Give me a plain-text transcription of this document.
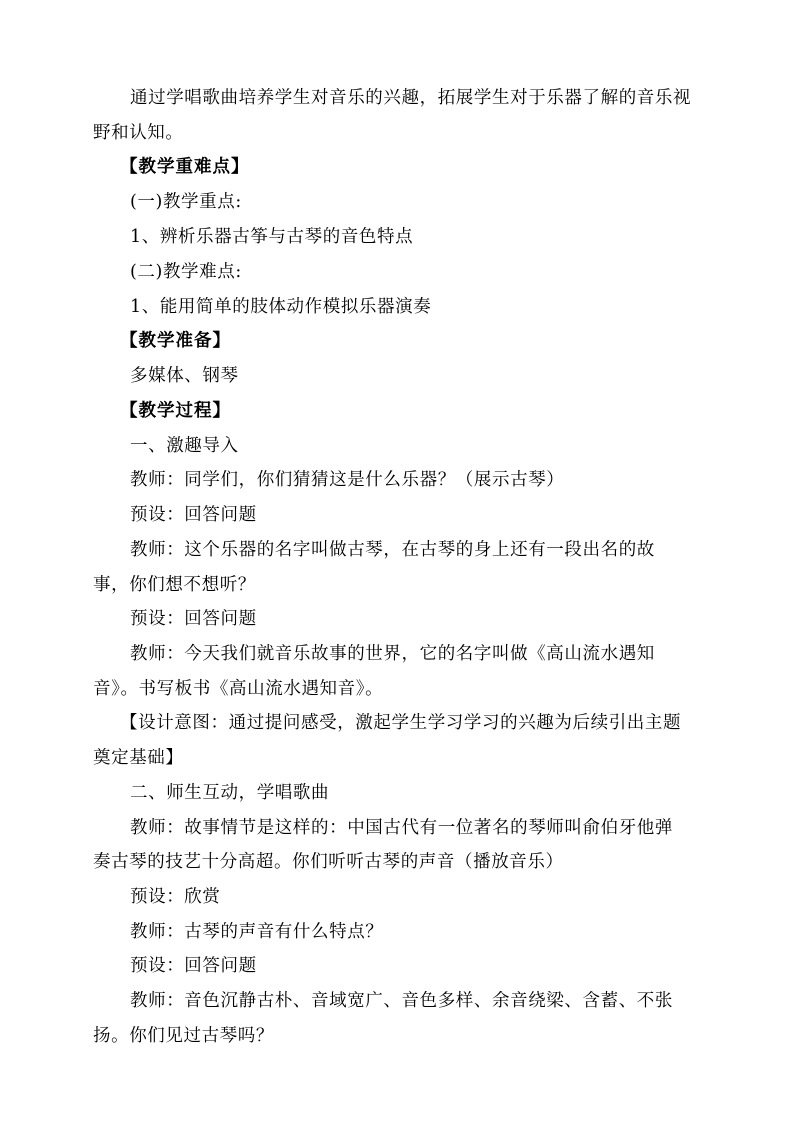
通过学唱歌曲培养学生对音乐的兴趣，拓展学生对于乐器了解的音乐视
野和认知。
【教学重难点】
(一)教学重点:
1、辨析乐器古筝与古琴的音色特点
(二)教学难点:
1、能用简单的肢体动作模拟乐器演奏
【教学准备】
多媒体、钢琴
【教学过程】
一、激趣导入
教师：同学们，你们猜猜这是什么乐器？（展示古琴）
预设：回答问题
教师：这个乐器的名字叫做古琴，在古琴的身上还有一段出名的故
事，你们想不想听？
预设：回答问题
教师：今天我们就音乐故事的世界，它的名字叫做《高山流水遇知
音》。书写板书《高山流水遇知音》。
【设计意图：通过提问感受，激起学生学习学习的兴趣为后续引出主题
奠定基础】
二、师生互动，学唱歌曲
教师：故事情节是这样的：中国古代有一位著名的琴师叫俞伯牙他弹
奏古琴的技艺十分高超。你们听听古琴的声音（播放音乐）
预设：欣赏
教师：古琴的声音有什么特点？
预设：回答问题
教师：音色沉静古朴、音域宽广、音色多样、余音绕梁、含蓄、不张
扬。你们见过古琴吗？
